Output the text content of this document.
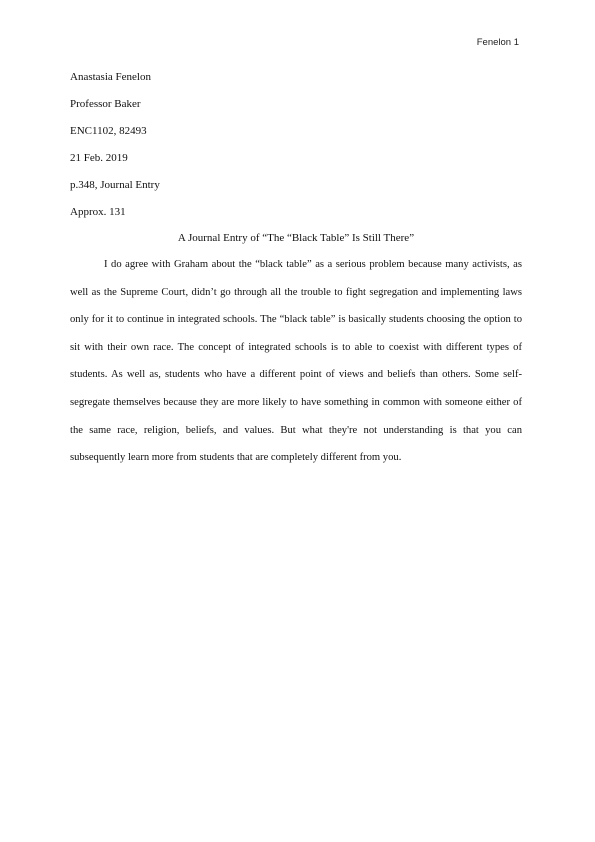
Fenelon 1
Anastasia Fenelon
Professor Baker
ENC1102, 82493
21 Feb. 2019
p.348, Journal Entry
Approx. 131
A Journal Entry of “The “Black Table” Is Still There”

I do agree with Graham about the “black table” as a serious problem because many activists, as well as the Supreme Court, didn’t go through all the trouble to fight segregation and implementing laws only for it to continue in integrated schools. The “black table” is basically students choosing the option to sit with their own race. The concept of integrated schools is to able to coexist with different types of students. As well as, students who have a different point of views and beliefs than others. Some self-segregate themselves because they are more likely to have something in common with someone either of the same race, religion, beliefs, and values. But what they're not understanding is that you can subsequently learn more from students that are completely different from you.
